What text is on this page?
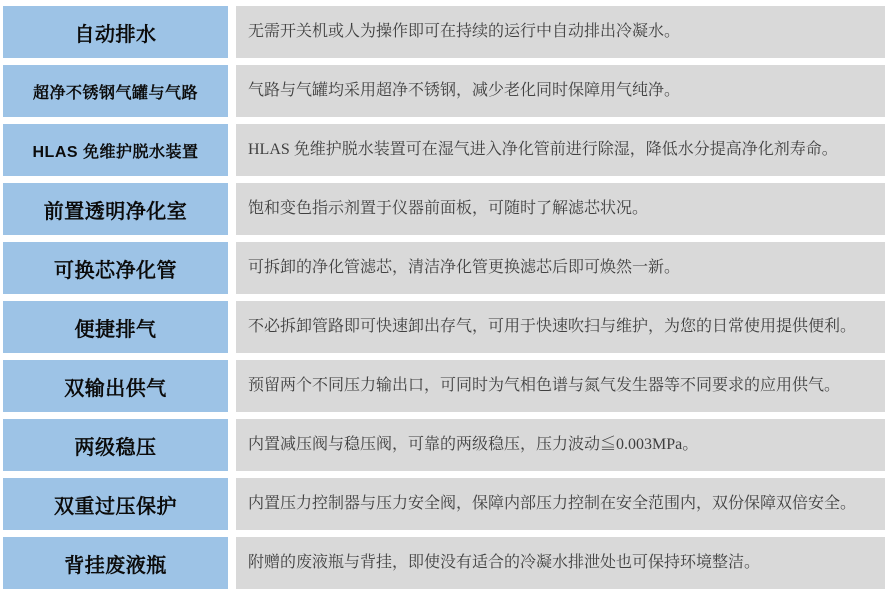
自动排水	无需开关机或人为操作即可在持续的运行中自动排出冷凝水。
超净不锈钢气罐与气路	气路与气罐均采用超净不锈钢，减少老化同时保障用气纯净。
HLAS 免维护脱水装置	HLAS 免维护脱水装置可在湿气进入净化管前进行除湿，降低水分提高净化剂寿命。
前置透明净化室	饱和变色指示剂置于仪器前面板，可随时了解滤芯状况。
可换芯净化管	可拆卸的净化管滤芯，清洁净化管更换滤芯后即可焕然一新。
便捷排气	不必拆卸管路即可快速卸出存气，可用于快速吹扫与维护，为您的日常使用提供便利。
双输出供气	预留两个不同压力输出口，可同时为气相色谱与氮气发生器等不同要求的应用供气。
两级稳压	内置减压阀与稳压阀，可靠的两级稳压，压力波动≦0.003MPa。
双重过压保护	内置压力控制器与压力安全阀，保障内部压力控制在安全范围内，双份保障双倍安全。
背挂废液瓶	附赠的废液瓶与背挂，即使没有适合的冷凝水排泄处也可保持环境整洁。
